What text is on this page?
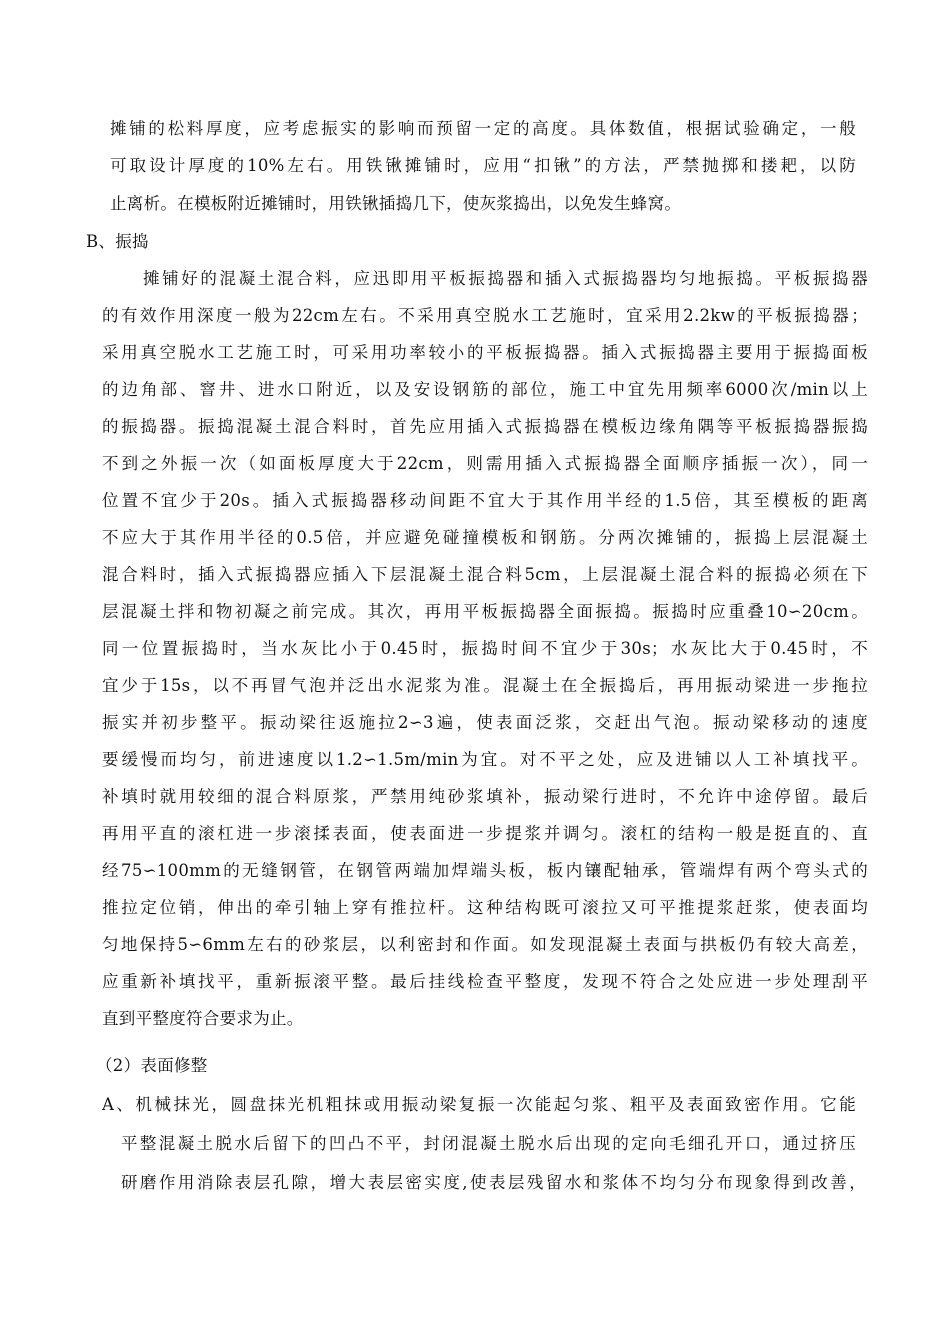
摊铺的松料厚度，应考虑振实的影响而预留一定的高度。具体数值，根据试验确定，一般
可取设计厚度的10%左右。用铁锹摊铺时，应用“扣锹”的方法，严禁抛掷和搂耙，以防
止离析。在模板附近摊铺时，用铁锹插捣几下，使灰浆捣出，以免发生蜂窝。
B、振捣
摊铺好的混凝土混合料，应迅即用平板振捣器和插入式振捣器均匀地振捣。平板振捣器
的有效作用深度一般为22cm左右。不采用真空脱水工艺施时，宜采用2.2kw的平板振捣器；
采用真空脱水工艺施工时，可采用功率较小的平板振捣器。插入式振捣器主要用于振捣面板
的边角部、窨井、进水口附近，以及安设钢筋的部位，施工中宜先用频率6000次/min以上
的振捣器。振捣混凝土混合料时，首先应用插入式振捣器在模板边缘角隅等平板振捣器振捣
不到之外振一次（如面板厚度大于22cm，则需用插入式振捣器全面顺序插振一次），同一
位置不宜少于20s。插入式振捣器移动间距不宜大于其作用半经的1.5倍，其至模板的距离
不应大于其作用半径的0.5倍，并应避免碰撞模板和钢筋。分两次摊铺的，振捣上层混凝土
混合料时，插入式振捣器应插入下层混凝土混合料5cm，上层混凝土混合料的振捣必须在下
层混凝土拌和物初凝之前完成。其次，再用平板振捣器全面振捣。振捣时应重叠10∽20cm。
同一位置振捣时，当水灰比小于0.45时，振捣时间不宜少于30s；水灰比大于0.45时，不
宜少于15s，以不再冒气泡并泛出水泥浆为准。混凝土在全振捣后，再用振动梁进一步拖拉
振实并初步整平。振动梁往返施拉2∽3遍，使表面泛浆，交赶出气泡。振动梁移动的速度
要缓慢而均匀，前进速度以1.2∽1.5m/min为宜。对不平之处，应及进铺以人工补填找平。
补填时就用较细的混合料原浆，严禁用纯砂浆填补，振动梁行进时，不允许中途停留。最后
再用平直的滚杠进一步滚揉表面，使表面进一步提浆并调匀。滚杠的结构一般是挺直的、直
经75∽100mm的无缝钢管，在钢管两端加焊端头板，板内镶配轴承，管端焊有两个弯头式的
推拉定位销，伸出的牵引轴上穿有推拉杆。这种结构既可滚拉又可平推提浆赶浆，使表面均
匀地保持5∽6mm左右的砂浆层，以利密封和作面。如发现混凝土表面与拱板仍有较大高差，
应重新补填找平，重新振滚平整。最后挂线检查平整度，发现不符合之处应进一步处理刮平
直到平整度符合要求为止。
（2）表面修整
A、机械抹光，圆盘抹光机粗抹或用振动梁复振一次能起匀浆、粗平及表面致密作用。它能
平整混凝土脱水后留下的凹凸不平，封闭混凝土脱水后出现的定向毛细孔开口，通过挤压
研磨作用消除表层孔隙，增大表层密实度,使表层残留水和浆体不均匀分布现象得到改善，
